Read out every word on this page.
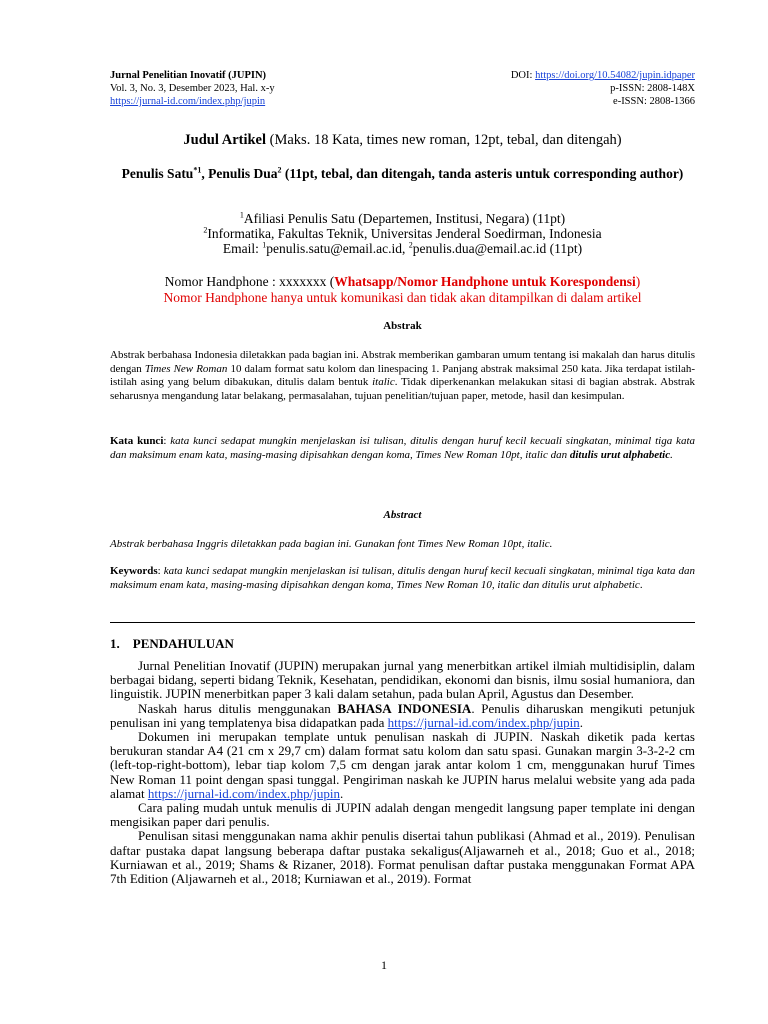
Jurnal Penelitian Inovatif (JUPIN)
Vol. 3, No. 3, Desember 2023, Hal. x-y
https://jurnal-id.com/index.php/jupin
DOI: https://doi.org/10.54082/jupin.idpaper
p-ISSN: 2808-148X
e-ISSN: 2808-1366
Judul Artikel (Maks. 18 Kata, times new roman, 12pt, tebal, dan ditengah)
Penulis Satu$^{*1}$, Penulis Dua$^2$ (11pt, tebal, dan ditengah, tanda asteris untuk corresponding author)
$^1$Afiliasi Penulis Satu (Departemen, Institusi, Negara) (11pt)
$^2$Informatika, Fakultas Teknik, Universitas Jenderal Soedirman, Indonesia
Email: $^1$penulis.satu@email.ac.id, $^2$penulis.dua@email.ac.id (11pt)
Nomor Handphone : xxxxxxx (Whatsapp/Nomor Handphone untuk Korespondensi)
Nomor Handphone hanya untuk komunikasi dan tidak akan ditampilkan di dalam artikel
Abstrak
Abstrak berbahasa Indonesia diletakkan pada bagian ini. Abstrak memberikan gambaran umum tentang isi makalah dan harus ditulis dengan Times New Roman 10 dalam format satu kolom dan linespacing 1. Panjang abstrak maksimal 250 kata. Jika terdapat istilah-istilah asing yang belum dibakukan, ditulis dalam bentuk italic. Tidak diperkenankan melakukan sitasi di bagian abstrak. Abstrak seharusnya mengandung latar belakang, permasalahan, tujuan penelitian/tujuan paper, metode, hasil dan kesimpulan.
Kata kunci: kata kunci sedapat mungkin menjelaskan isi tulisan, ditulis dengan huruf kecil kecuali singkatan, minimal tiga kata dan maksimum enam kata, masing-masing dipisahkan dengan koma, Times New Roman 10pt, italic dan ditulis urut alphabetic.
Abstract
Abstrak berbahasa Inggris diletakkan pada bagian ini. Gunakan font Times New Roman 10pt, italic.
Keywords: kata kunci sedapat mungkin menjelaskan isi tulisan, ditulis dengan huruf kecil kecuali singkatan, minimal tiga kata dan maksimum enam kata, masing-masing dipisahkan dengan koma, Times New Roman 10, italic dan ditulis urut alphabetic.
1.    PENDAHULUAN

Jurnal Penelitian Inovatif (JUPIN) merupakan jurnal yang menerbitkan artikel ilmiah multidisiplin, dalam berbagai bidang, seperti bidang Teknik, Kesehatan, pendidikan, ekonomi dan bisnis, ilmu sosial humaniora, dan linguistik. JUPIN menerbitkan paper 3 kali dalam setahun, pada bulan April, Agustus dan Desember.

Naskah harus ditulis menggunakan BAHASA INDONESIA. Penulis diharuskan mengikuti petunjuk penulisan ini yang templatenya bisa didapatkan pada https://jurnal-id.com/index.php/jupin.

Dokumen ini merupakan template untuk penulisan naskah di JUPIN. Naskah diketik pada kertas berukuran standar A4 (21 cm x 29,7 cm) dalam format satu kolom dan satu spasi. Gunakan margin 3-3-2-2 cm (left-top-right-bottom), lebar tiap kolom 7,5 cm dengan jarak antar kolom 1 cm, menggunakan huruf Times New Roman 11 point dengan spasi tunggal. Pengiriman naskah ke JUPIN harus melalui website yang ada pada alamat https://jurnal-id.com/index.php/jupin.

Cara paling mudah untuk menulis di JUPIN adalah dengan mengedit langsung paper template ini dengan mengisikan paper dari penulis.

Penulisan sitasi menggunakan nama akhir penulis disertai tahun publikasi (Ahmad et al., 2019). Penulisan daftar pustaka dapat langsung beberapa daftar pustaka sekaligus(Aljawarneh et al., 2018; Guo et al., 2018; Kurniawan et al., 2019; Shams & Rizaner, 2018). Format penulisan daftar pustaka menggunakan Format APA 7th Edition (Aljawarneh et al., 2018; Kurniawan et al., 2019). Format

1
